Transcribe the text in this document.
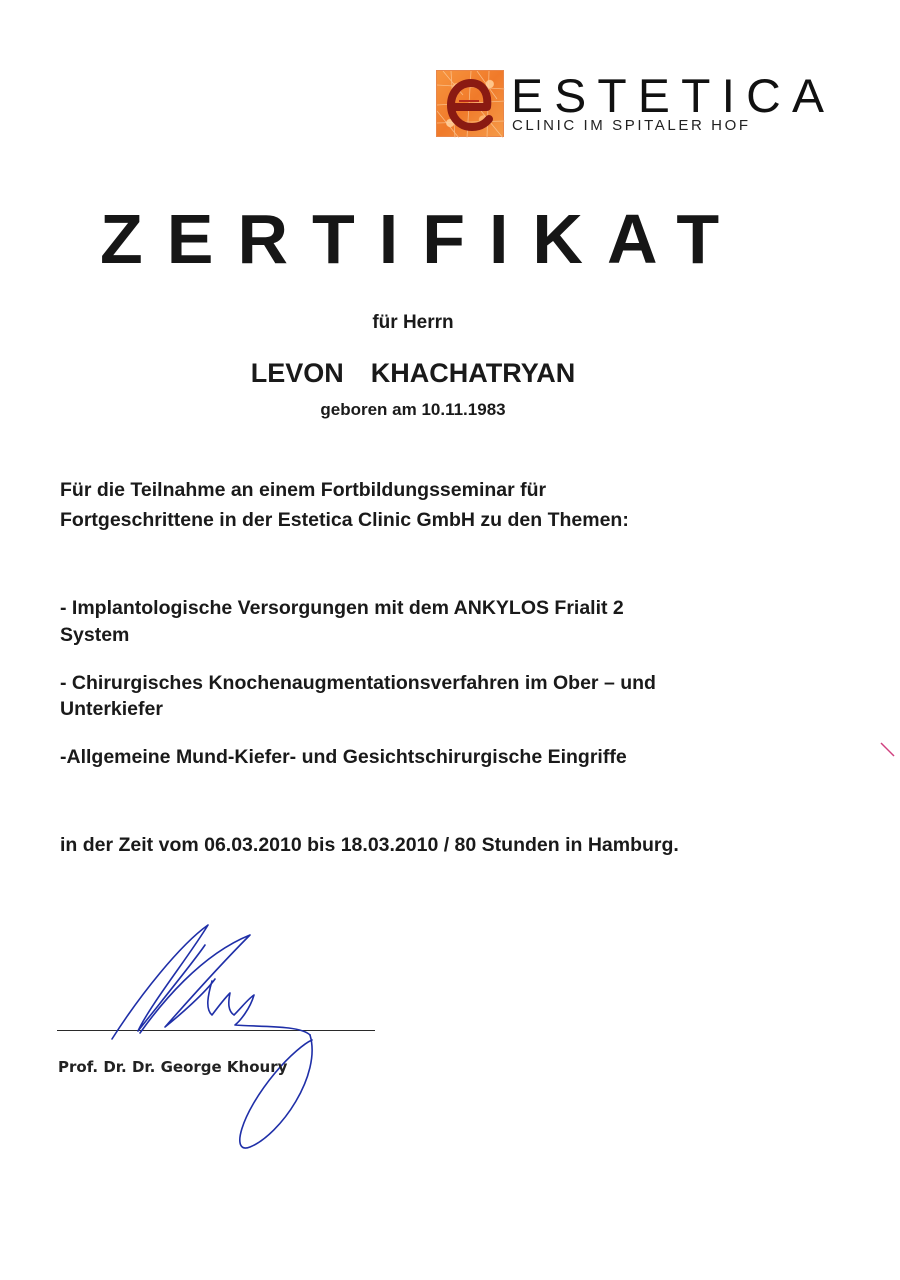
ESTETICA
CLINIC IM SPITALER HOF
ZERTIFIKAT
für Herrn
LEVON  KHACHATRYAN
geboren am 10.11.1983
Für die Teilnahme an einem Fortbildungsseminar für
Fortgeschrittene in der Estetica Clinic GmbH zu den Themen:
- Implantologische Versorgungen mit dem ANKYLOS Frialit 2
System
- Chirurgisches Knochenaugmentationsverfahren im Ober – und
Unterkiefer
-Allgemeine Mund-Kiefer- und Gesichtschirurgische Eingriffe
in der Zeit vom 06.03.2010 bis 18.03.2010 / 80 Stunden in Hamburg.
Prof. Dr. Dr. George Khoury
